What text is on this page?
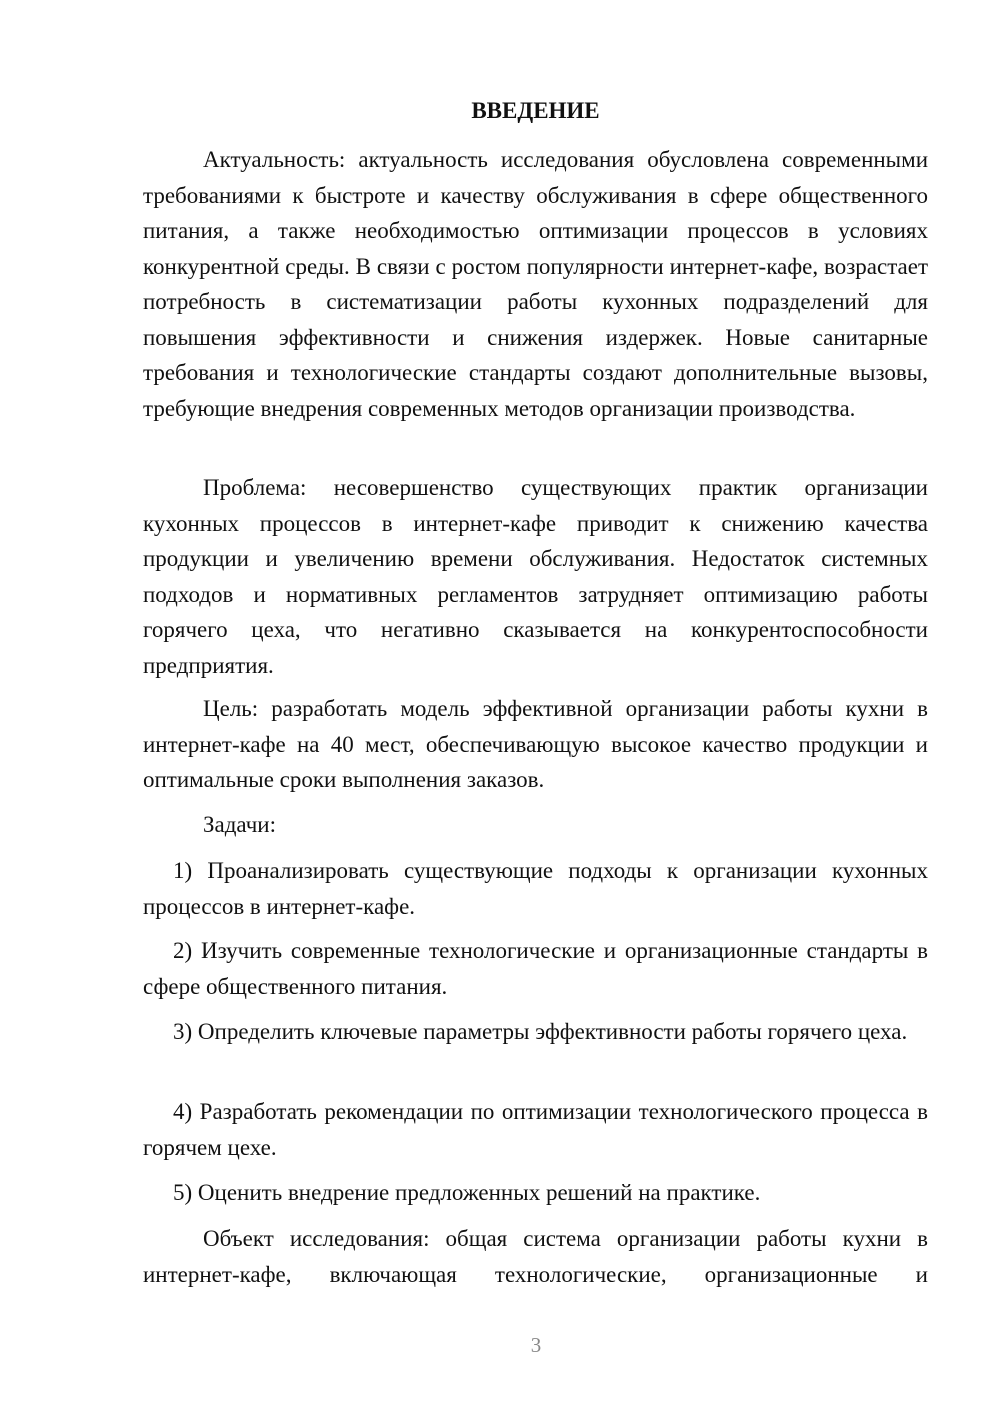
ВВЕДЕНИЕ

Актуальность: актуальность исследования обусловлена современными требованиями к быстроте и качеству обслуживания в сфере общественного питания, а также необходимостью оптимизации процессов в условиях конкурентной среды. В связи с ростом популярности интернет-кафе, возрастает потребность в систематизации работы кухонных подразделений для повышения эффективности и снижения издержек. Новые санитарные требования и технологические стандарты создают дополнительные вызовы, требующие внедрения современных методов организации производства.

Проблема: несовершенство существующих практик организации кухонных процессов в интернет-кафе приводит к снижению качества продукции и увеличению времени обслуживания. Недостаток системных подходов и нормативных регламентов затрудняет оптимизацию работы горячего цеха, что негативно сказывается на конкурентоспособности предприятия.

Цель: разработать модель эффективной организации работы кухни в интернет-кафе на 40 мест, обеспечивающую высокое качество продукции и оптимальные сроки выполнения заказов.

Задачи:

1) Проанализировать существующие подходы к организации кухонных процессов в интернет-кафе.

2) Изучить современные технологические и организационные стандарты в сфере общественного питания.

3) Определить ключевые параметры эффективности работы горячего цеха.

4) Разработать рекомендации по оптимизации технологического процесса в горячем цехе.

5) Оценить внедрение предложенных решений на практике.

Объект исследования: общая система организации работы кухни в интернет-кафе, включающая технологические, организационные и

3
